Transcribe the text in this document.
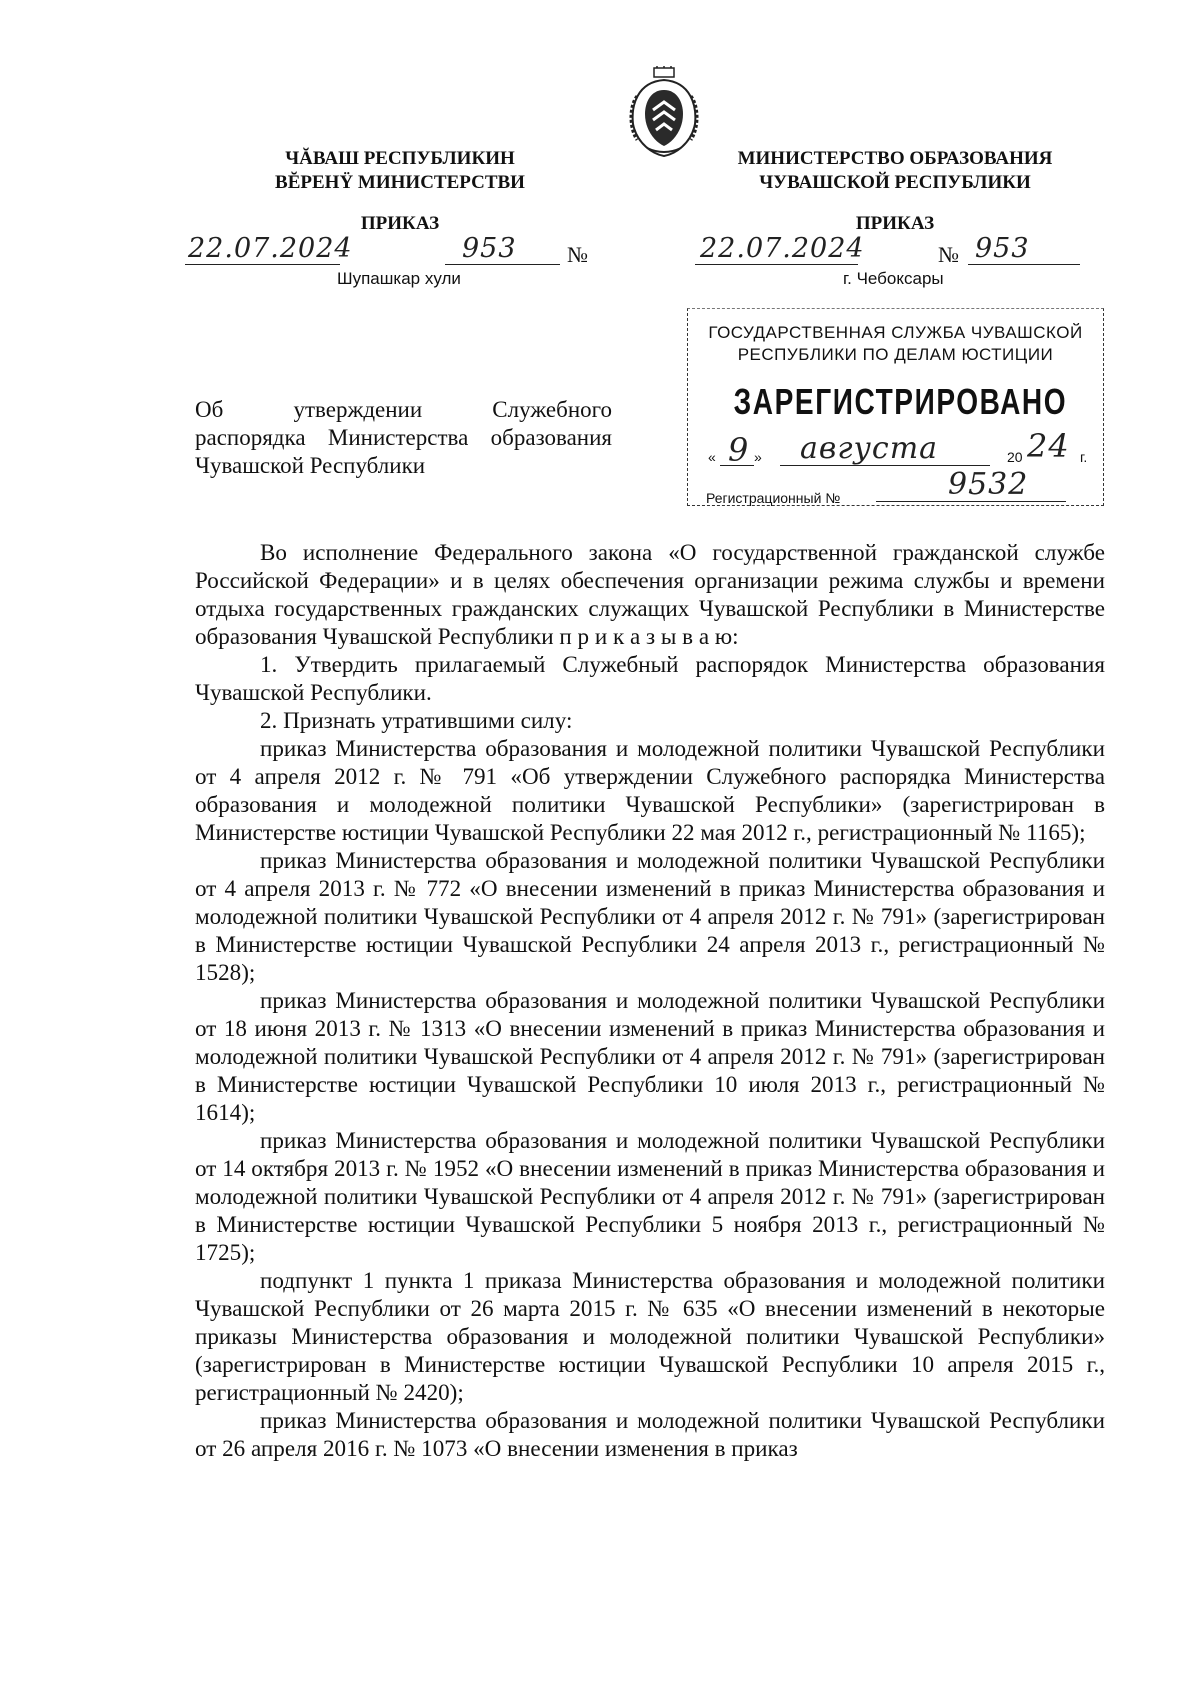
ЧĂВАШ РЕСПУБЛИКИН
ВĔРЕНŸ МИНИСТЕРСТВИ
МИНИСТЕРСТВО ОБРАЗОВАНИЯ
ЧУВАШСКОЙ РЕСПУБЛИКИ
ПРИКАЗ	ПРИКАЗ
22.07.2024	953 №
Шупашкар хули
22.07.2024	№ 953
г. Чебоксары
ГОСУДАРСТВЕННАЯ СЛУЖБА ЧУВАШСКОЙ
РЕСПУБЛИКИ ПО ДЕЛАМ ЮСТИЦИИ
ЗАРЕГИСТРИРОВАНО
« 9 » августа	20 24 г.
Регистрационный №	9532
Об утверждении Служебного
распорядка Министерства образования Чувашской Республики

Во исполнение Федерального закона «О государственной гражданской службе Российской Федерации» и в целях обеспечения организации режима службы и времени отдыха государственных гражданских служащих Чувашской Республики в Министерстве образования Чувашской Республики п р и к а з ы в а ю:

1. Утвердить прилагаемый Служебный распорядок Министерства образования Чувашской Республики.

2. Признать утратившими силу:

приказ Министерства образования и молодежной политики Чувашской Республики от 4 апреля 2012 г. № 791 «Об утверждении Служебного распорядка Министерства образования и молодежной политики Чувашской Республики» (зарегистрирован в Министерстве юстиции Чувашской Республики 22 мая 2012 г., регистрационный № 1165);

приказ Министерства образования и молодежной политики Чувашской Республики от 4 апреля 2013 г. № 772 «О внесении изменений в приказ Министерства образования и молодежной политики Чувашской Республики от 4 апреля 2012 г. № 791» (зарегистрирован в Министерстве юстиции Чувашской Республики 24 апреля 2013 г., регистрационный № 1528);

приказ Министерства образования и молодежной политики Чувашской Республики от 18 июня 2013 г. № 1313 «О внесении изменений в приказ Министерства образования и молодежной политики Чувашской Республики от 4 апреля 2012 г. № 791» (зарегистрирован в Министерстве юстиции Чувашской Республики 10 июля 2013 г., регистрационный № 1614);

приказ Министерства образования и молодежной политики Чувашской Республики от 14 октября 2013 г. № 1952 «О внесении изменений в приказ Министерства образования и молодежной политики Чувашской Республики от 4 апреля 2012 г. № 791» (зарегистрирован в Министерстве юстиции Чувашской Республики 5 ноября 2013 г., регистрационный № 1725);

подпункт 1 пункта 1 приказа Министерства образования и молодежной политики Чувашской Республики от 26 марта 2015 г. № 635 «О внесении изменений в некоторые приказы Министерства образования и молодежной политики Чувашской Республики» (зарегистрирован в Министерстве юстиции Чувашской Республики 10 апреля 2015 г., регистрационный № 2420);

приказ Министерства образования и молодежной политики Чувашской Республики от 26 апреля 2016 г. № 1073 «О внесении изменения в приказ
